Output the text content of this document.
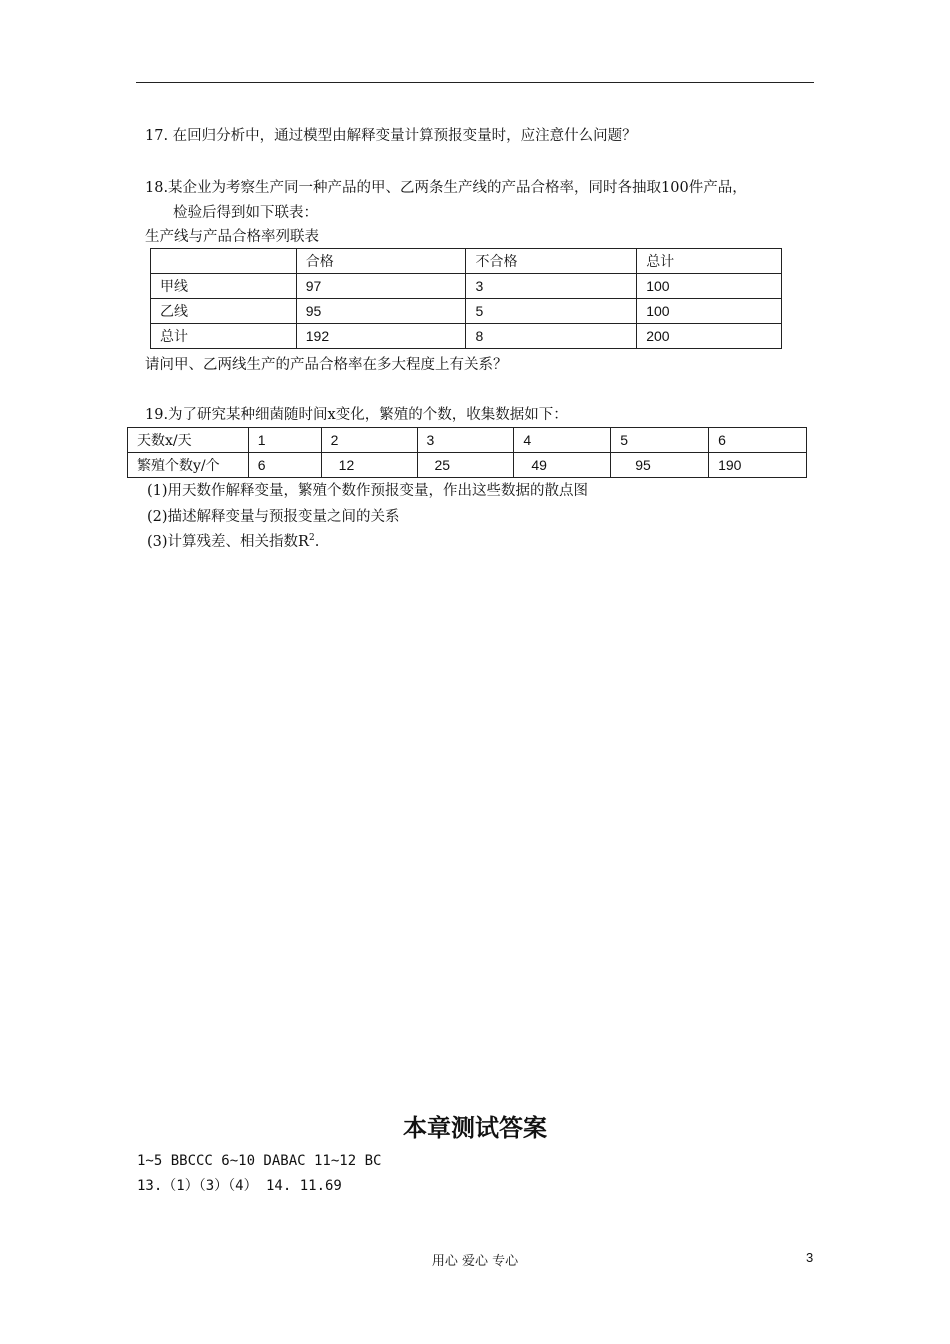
17. 在回归分析中，通过模型由解释变量计算预报变量时，应注意什么问题？
18.某企业为考察生产同一种产品的甲、乙两条生产线的产品合格率，同时各抽取100件产品，
检验后得到如下联表：
生产线与产品合格率列联表
	合格	不合格	总计
甲线	97	3	100
乙线	95	5	100
总计	192	8	200
请问甲、乙两线生产的产品合格率在多大程度上有关系？
19.为了研究某种细菌随时间x变化，繁殖的个数，收集数据如下：
天数x/天	1	2	3	4	5	6
繁殖个数y/个	6	12	25	49	95	190
(1)用天数作解释变量，繁殖个数作预报变量，作出这些数据的散点图
(2)描述解释变量与预报变量之间的关系
(3)计算残差、相关指数$R^2$.
本章测试答案
1~5 BBCCC 6~10 DABAC 11~12 BC
13.（1）（3）（4） 14. 11.69
用心 爱心 专心	3
